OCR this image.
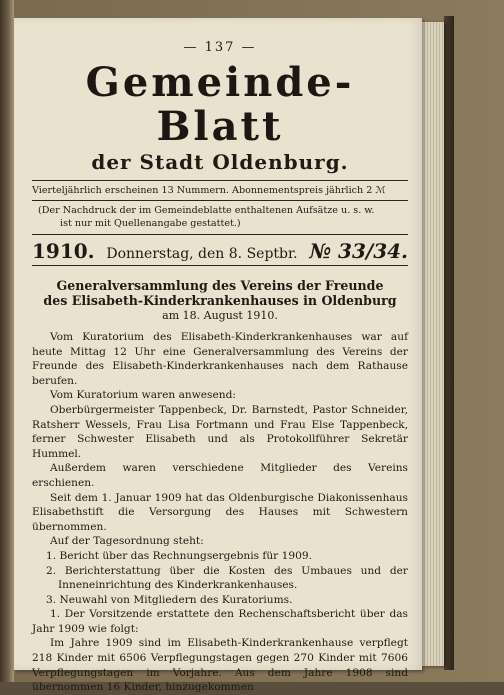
— 137 —
Gemeinde-Blatt
der Stadt Oldenburg.
Vierteljährlich erscheinen 13 Nummern. Abonnementspreis jährlich 2 ℳ
(Der Nachdruck der im Gemeindeblatte enthaltenen Aufsätze u. s. w.
ist nur mit Quellenangabe gestattet.)
1910. Donnerstag, den 8. Septbr. № 33/34.
Generalversammlung des Vereins der Freunde
des Elisabeth-Kinderkrankenhauses in Oldenburg
am 18. August 1910.

Vom Kuratorium des Elisabeth-Kinderkrankenhauses war auf heute Mittag 12 Uhr eine Generalversammlung des Vereins der Freunde des Elisabeth-Kinderkrankenhauses nach dem Rathause berufen.

Vom Kuratorium waren anwesend:

Oberbürgermeister Tappenbeck, Dr. Barnstedt, Pastor Schneider, Ratsherr Wessels, Frau Lisa Fortmann und Frau Else Tappenbeck, ferner Schwester Elisabeth und als Protokollführer Sekretär Hummel.

Außerdem waren verschiedene Mitglieder des Vereins erschienen.

Seit dem 1. Januar 1909 hat das Oldenburgische Diakonissenhaus Elisabethstift die Versorgung des Hauses mit Schwestern übernommen.

Auf der Tagesordnung steht:

1. Bericht über das Rechnungsergebnis für 1909.

2. Berichterstattung über die Kosten des Umbaues und der Inneneinrichtung des Kinderkrankenhauses.

3. Neuwahl von Mitgliedern des Kuratoriums.

1. Der Vorsitzende erstattete den Rechenschaftsbericht über das Jahr 1909 wie folgt:

Im Jahre 1909 sind im Elisabeth-Kinderkrankenhause verpflegt 218 Kinder mit 6506 Verpflegungstagen gegen 270 Kinder mit 7606 Verpflegungstagen im Vorjahre. Aus dem Jahre 1908 sind übernommen 16 Kinder, hinzugekommen
